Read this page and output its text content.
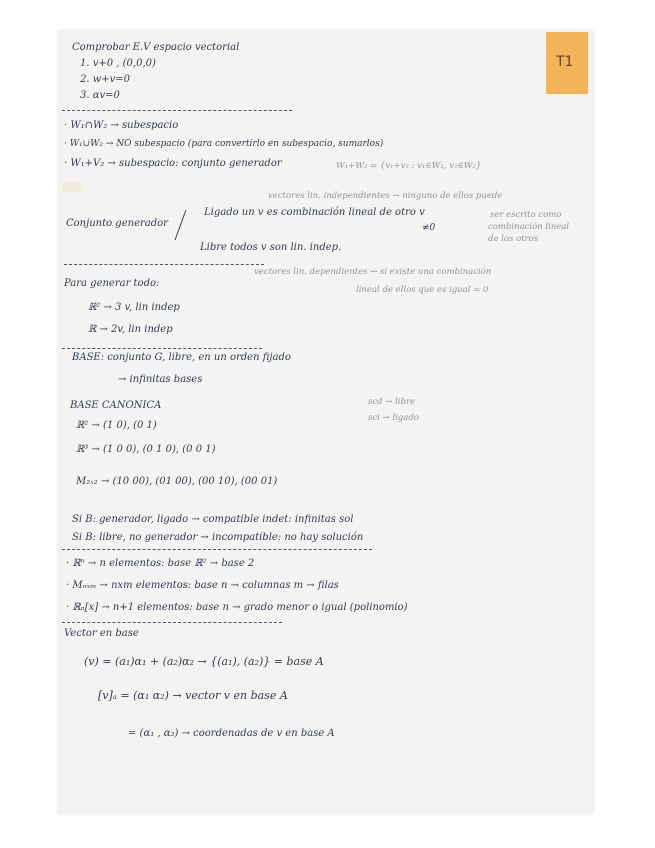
T1
Comprobar E.V espacio vectorial
1. v+0 , (0,0,0)
2. w+v=0
3. αv=0
· W₁∩W₂ → subespacio
· W₁∪W₂ → NO subespacio (para convertirlo en subespacio, sumarlos)
· W₁+V₂ → subespacio: conjunto generador	W₁+W₂ = {v₁+v₂ : v₁∈W₁, v₂∈W₂}
vectores lin. independientes → ninguno de ellos puede
Ligado un v es combinación lineal de otro v	ser escrito como
Conjunto generador	≠0	combinación lineal
de los otros
Libre todos v son lin. indep.
vectores lin. dependientes → si existe una combinación
lineal de ellos que es igual = 0
Para generar todo:
ℝ² → 3 v, lin indep
ℝ → 2v, lin indep
BASE: conjunto G, libre, en un orden fijado
→ infinitas bases
BASE CANONICA	scd → libre
sci → ligado
ℝ² → (1 0), (0 1)
ℝ³ → (1 0 0), (0 1 0), (0 0 1)
M₂ₓ₂ → (10 00), (01 00), (00 10), (00 01)
Si B: generador, ligado → compatible indet: infinitas sol
Si B: libre, no generador → incompatible: no hay solución
· ℝⁿ → n elementos: base ℝ² → base 2
· Mₙₓₘ → nxm elementos: base n → columnas m → filas
· ℝₙ[x] → n+1 elementos: base n → grado menor o igual (polinomio)
Vector en base
(v) = (a₁)α₁ + (a₂)α₂ → {(a₁), (a₂)} = base A
[v]ₐ = (α₁ α₂) → vector v en base A
= (α₁ , α₂) → coordenadas de v en base A
